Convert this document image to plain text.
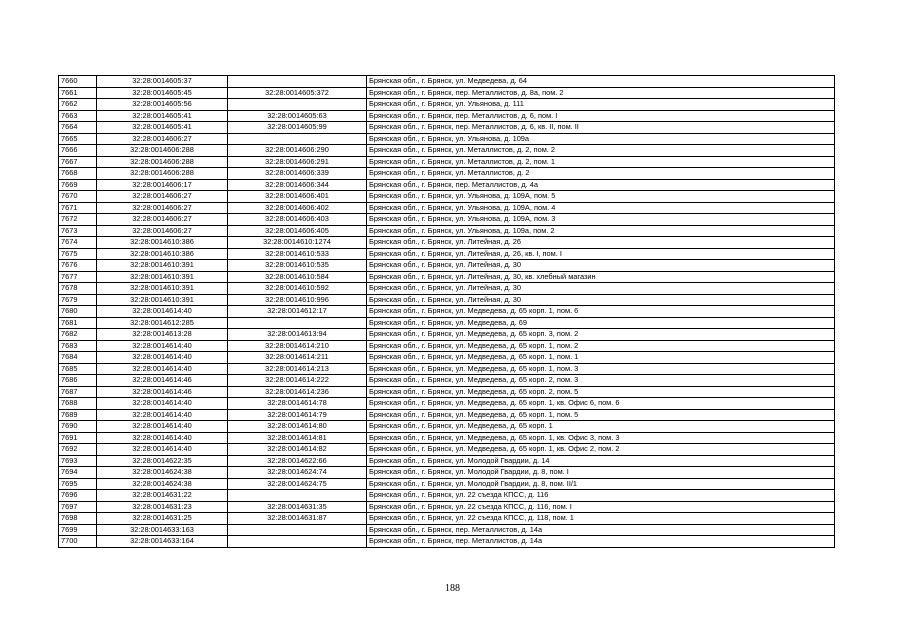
7660	32:28:0014605:37		Брянская обл., г. Брянск, ул. Медведева, д. 64
7661	32:28:0014605:45	32:28:0014605:372	Брянская обл., г. Брянск, пер. Металлистов, д. 8а, пом. 2
7662	32:28:0014605:56		Брянская обл., г. Брянск, ул. Ульянова, д. 111
7663	32:28:0014605:41	32:28:0014605:63	Брянская обл., г. Брянск, пер. Металлистов, д. 6, пом. I
7664	32:28:0014605:41	32:28:0014605:99	Брянская обл., г. Брянск, пер. Металлистов, д. 6, кв. II, пом. II
7665	32:28:0014606:27		Брянская обл., г. Брянск, ул. Ульянова, д. 109а
7666	32:28:0014606:288	32:28:0014606:290	Брянская обл., г. Брянск, ул. Металлистов, д. 2, пом. 2
7667	32:28:0014606:288	32:28:0014606:291	Брянская обл., г. Брянск, ул. Металлистов, д. 2, пом. 1
7668	32:28:0014606:288	32:28:0014606:339	Брянская обл., г. Брянск, ул. Металлистов, д. 2
7669	32:28:0014606:17	32:28:0014606:344	Брянская обл., г. Брянск, пер. Металлистов, д. 4а
7670	32:28:0014606:27	32:28:0014606:401	Брянская обл., г. Брянск, ул. Ульянова, д. 109А, пом. 5
7671	32:28:0014606:27	32:28:0014606:402	Брянская обл., г. Брянск, ул. Ульянова, д. 109А, пом. 4
7672	32:28:0014606:27	32:28:0014606:403	Брянская обл., г. Брянск, ул. Ульянова, д. 109А, пом. 3
7673	32:28:0014606:27	32:28:0014606:405	Брянская обл., г. Брянск, ул. Ульянова, д. 109а, пом. 2
7674	32:28:0014610:386	32:28:0014610:1274	Брянская обл., г. Брянск, ул. Литейная, д. 26
7675	32:28:0014610:386	32:28:0014610:533	Брянская обл., г. Брянск, ул. Литейная, д. 26, кв. I, пом. I
7676	32:28:0014610:391	32:28:0014610:535	Брянская обл., г. Брянск, ул. Литейная, д. 30
7677	32:28:0014610:391	32:28:0014610:584	Брянская обл., г. Брянск, ул. Литейная, д. 30, кв. хлебный магазин
7678	32:28:0014610:391	32:28:0014610:592	Брянская обл., г. Брянск, ул. Литейная, д. 30
7679	32:28:0014610:391	32:28:0014610:996	Брянская обл., г. Брянск, ул. Литейная, д. 30
7680	32:28:0014614:40	32:28:0014612:17	Брянская обл., г. Брянск, ул. Медведева, д. 65 корп. 1, пом. 6
7681	32:28:0014612:285		Брянская обл., г. Брянск, ул. Медведева, д. 69
7682	32:28:0014613:28	32:28:0014613:94	Брянская обл., г. Брянск, ул. Медведева, д. 65 корп. 3, пом. 2
7683	32:28:0014614:40	32:28:0014614:210	Брянская обл., г. Брянск, ул. Медведева, д. 65 корп. 1, пом. 2
7684	32:28:0014614:40	32:28:0014614:211	Брянская обл., г. Брянск, ул. Медведева, д. 65 корп. 1, пом. 1
7685	32:28:0014614:40	32:28:0014614:213	Брянская обл., г. Брянск, ул. Медведева, д. 65 корп. 1, пом. 3
7686	32:28:0014614:46	32:28:0014614:222	Брянская обл., г. Брянск, ул. Медведева, д. 65 корп. 2, пом. 3
7687	32:28:0014614:46	32:28:0014614:236	Брянская обл., г. Брянск, ул. Медведева, д. 65 корп. 2, пом. 5
7688	32:28:0014614:40	32:28:0014614:78	Брянская обл., г. Брянск, ул. Медведева, д. 65 корп. 1, кв. Офис 6, пом. 6
7689	32:28:0014614:40	32:28:0014614:79	Брянская обл., г. Брянск, ул. Медведева, д. 65 корп. 1, пом. 5
7690	32:28:0014614:40	32:28:0014614:80	Брянская обл., г. Брянск, ул. Медведева, д. 65 корп. 1
7691	32:28:0014614:40	32:28:0014614:81	Брянская обл., г. Брянск, ул. Медведева, д. 65 корп. 1, кв. Офис 3, пом. 3
7692	32:28:0014614:40	32:28:0014614:82	Брянская обл., г. Брянск, ул. Медведева, д. 65 корп. 1, кв. Офис 2, пом. 2
7693	32:28:0014622:35	32:28:0014622:66	Брянская обл., г. Брянск, ул. Молодой Гвардии, д. 14
7694	32:28:0014624:38	32:28:0014624:74	Брянская обл., г. Брянск, ул. Молодой Гвардии, д. 8, пом. I
7695	32:28:0014624:38	32:28:0014624:75	Брянская обл., г. Брянск, ул. Молодой Гвардии, д. 8, пом. II/1
7696	32:28:0014631:22		Брянская обл., г. Брянск, ул. 22 съезда КПСС, д. 116
7697	32:28:0014631:23	32:28:0014631:35	Брянская обл., г. Брянск, ул. 22 съезда КПСС, д. 116, пом. I
7698	32:28:0014631:25	32:28:0014631:87	Брянская обл., г. Брянск, ул. 22 съезда КПСС, д. 118, пом. 1
7699	32:28:0014633:163		Брянская обл., г. Брянск, пер. Металлистов, д. 14а
7700	32:28:0014633:164		Брянская обл., г. Брянск, пер. Металлистов, д. 14а
188
